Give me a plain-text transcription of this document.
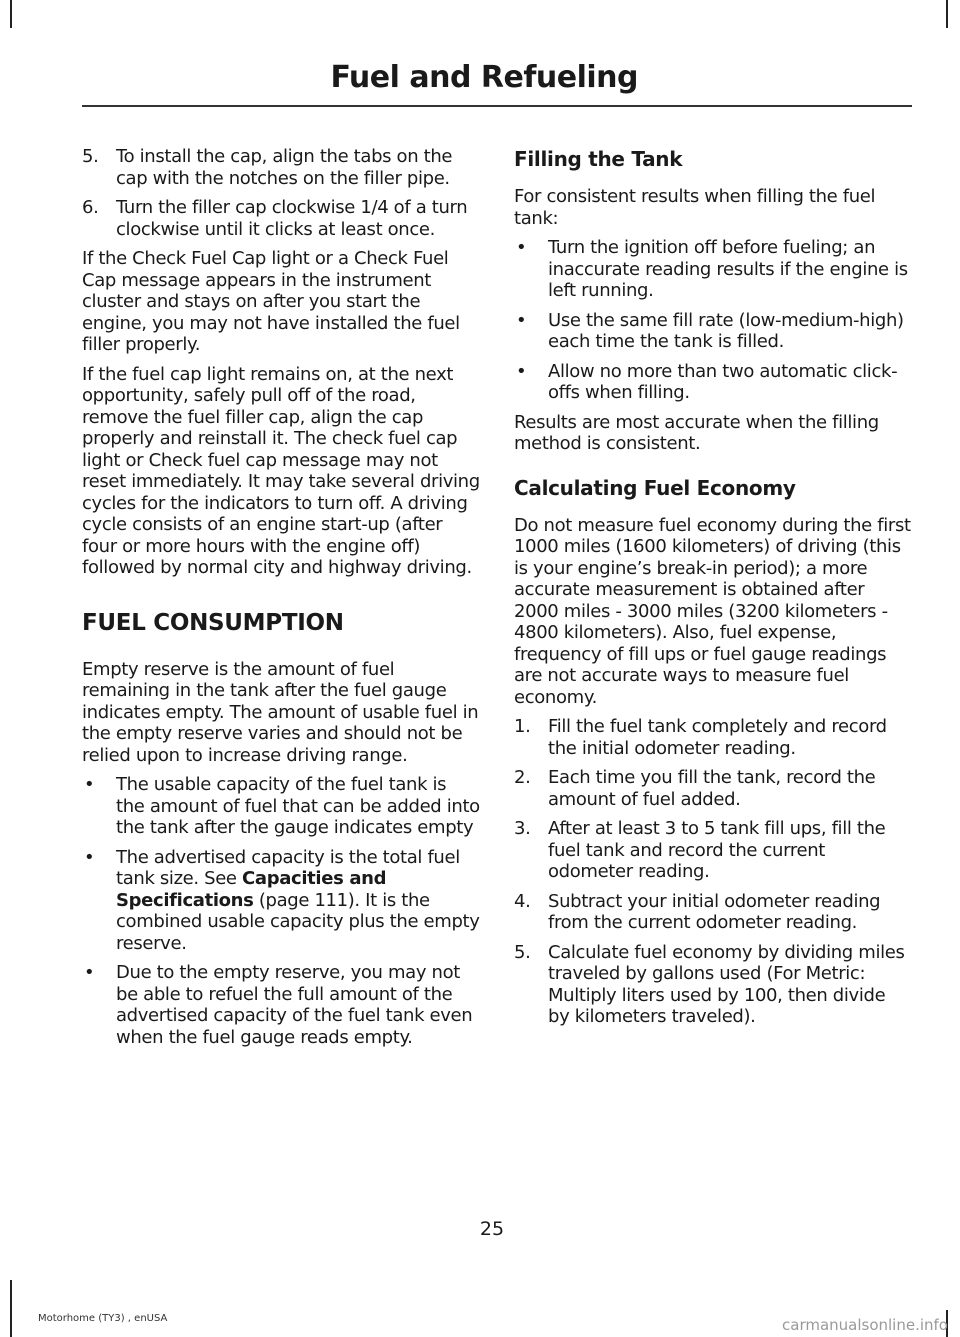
Fuel and Refueling
5. To install the cap, align the tabs on the cap with the notches on the filler pipe.
6. Turn the filler cap clockwise 1/4 of a turn clockwise until it clicks at least once.

If the Check Fuel Cap light or a Check Fuel Cap message appears in the instrument cluster and stays on after you start the engine, you may not have installed the fuel filler properly.

If the fuel cap light remains on, at the next opportunity, safely pull off of the road, remove the fuel filler cap, align the cap properly and reinstall it. The check fuel cap light or Check fuel cap message may not reset immediately. It may take several driving cycles for the indicators to turn off. A driving cycle consists of an engine start-up (after four or more hours with the engine off) followed by normal city and highway driving.

FUEL CONSUMPTION

Empty reserve is the amount of fuel remaining in the tank after the fuel gauge indicates empty. The amount of usable fuel in the empty reserve varies and should not be relied upon to increase driving range.

• The usable capacity of the fuel tank is the amount of fuel that can be added into the tank after the gauge indicates empty
• The advertised capacity is the total fuel tank size. See Capacities and Specifications (page 111). It is the combined usable capacity plus the empty reserve.
• Due to the empty reserve, you may not be able to refuel the full amount of the advertised capacity of the fuel tank even when the fuel gauge reads empty.
Filling the Tank

For consistent results when filling the fuel tank:

• Turn the ignition off before fueling; an inaccurate reading results if the engine is left running.
• Use the same fill rate (low-medium-high) each time the tank is filled.
• Allow no more than two automatic click-offs when filling.

Results are most accurate when the filling method is consistent.

Calculating Fuel Economy

Do not measure fuel economy during the first 1000 miles (1600 kilometers) of driving (this is your engine’s break-in period); a more accurate measurement is obtained after 2000 miles - 3000 miles (3200 kilometers - 4800 kilometers). Also, fuel expense, frequency of fill ups or fuel gauge readings are not accurate ways to measure fuel economy.

1. Fill the fuel tank completely and record the initial odometer reading.
2. Each time you fill the tank, record the amount of fuel added.
3. After at least 3 to 5 tank fill ups, fill the fuel tank and record the current odometer reading.
4. Subtract your initial odometer reading from the current odometer reading.
5. Calculate fuel economy by dividing miles traveled by gallons used (For Metric: Multiply liters used by 100, then divide by kilometers traveled).
25
Motorhome (TY3) , enUSA	carmanualsonline.info
